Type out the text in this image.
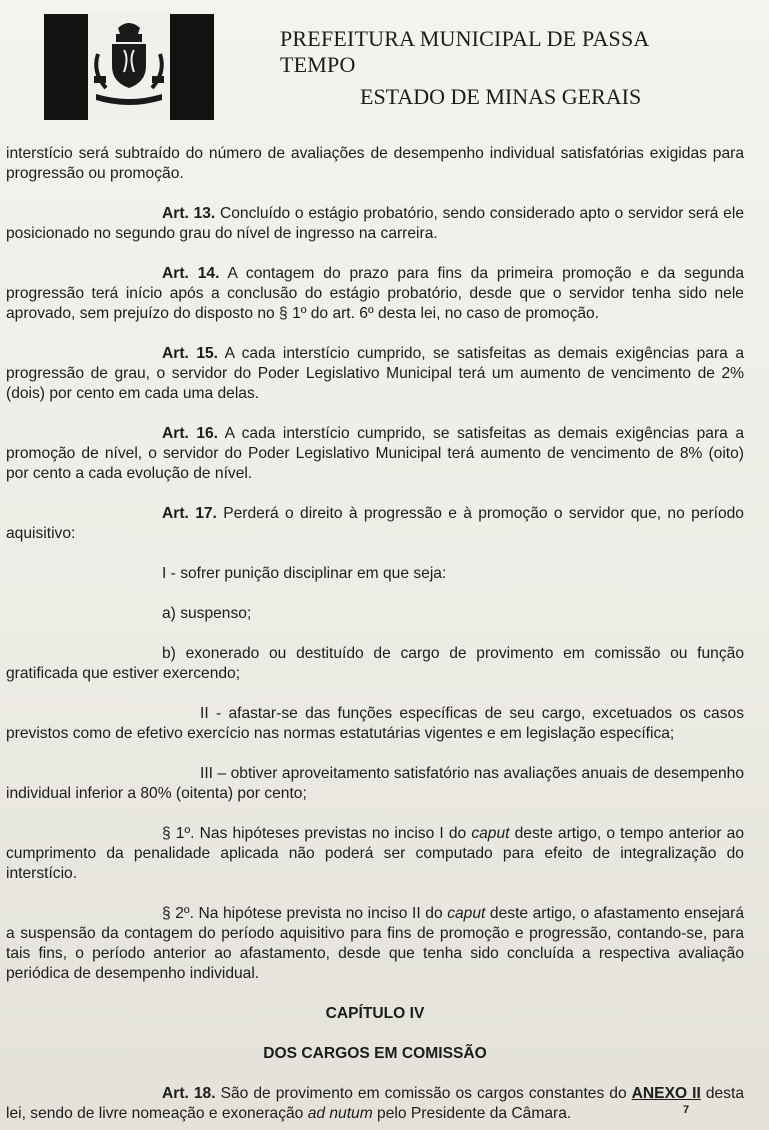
PASSA TEMPO
PREFEITURA MUNICIPAL DE PASSA TEMPO
ESTADO DE MINAS GERAIS

interstício será subtraído do número de avaliações de desempenho individual satisfatórias exigidas para progressão ou promoção.

Art. 13. Concluído o estágio probatório, sendo considerado apto o servidor será ele posicionado no segundo grau do nível de ingresso na carreira.

Art. 14. A contagem do prazo para fins da primeira promoção e da segunda progressão terá início após a conclusão do estágio probatório, desde que o servidor tenha sido nele aprovado, sem prejuízo do disposto no § 1º do art. 6º desta lei, no caso de promoção.

Art. 15. A cada interstício cumprido, se satisfeitas as demais exigências para a progressão de grau, o servidor do Poder Legislativo Municipal terá um aumento de vencimento de 2% (dois) por cento em cada uma delas.

Art. 16. A cada interstício cumprido, se satisfeitas as demais exigências para a promoção de nível, o servidor do Poder Legislativo Municipal terá aumento de vencimento de 8% (oito) por cento a cada evolução de nível.

Art. 17. Perderá o direito à progressão e à promoção o servidor que, no período aquisitivo:

I - sofrer punição disciplinar em que seja:

a) suspenso;

b) exonerado ou destituído de cargo de provimento em comissão ou função gratificada que estiver exercendo;

II - afastar-se das funções específicas de seu cargo, excetuados os casos previstos como de efetivo exercício nas normas estatutárias vigentes e em legislação específica;

III – obtiver aproveitamento satisfatório nas avaliações anuais de desempenho individual inferior a 80% (oitenta) por cento;

§ 1º. Nas hipóteses previstas no inciso I do caput deste artigo, o tempo anterior ao cumprimento da penalidade aplicada não poderá ser computado para efeito de integralização do interstício.

§ 2º. Na hipótese prevista no inciso II do caput deste artigo, o afastamento ensejará a suspensão da contagem do período aquisitivo para fins de promoção e progressão, contando-se, para tais fins, o período anterior ao afastamento, desde que tenha sido concluída a respectiva avaliação periódica de desempenho individual.

CAPÍTULO IV

DOS CARGOS EM COMISSÃO

Art. 18. São de provimento em comissão os cargos constantes do ANEXO II desta lei, sendo de livre nomeação e exoneração ad nutum pelo Presidente da Câmara.	7
